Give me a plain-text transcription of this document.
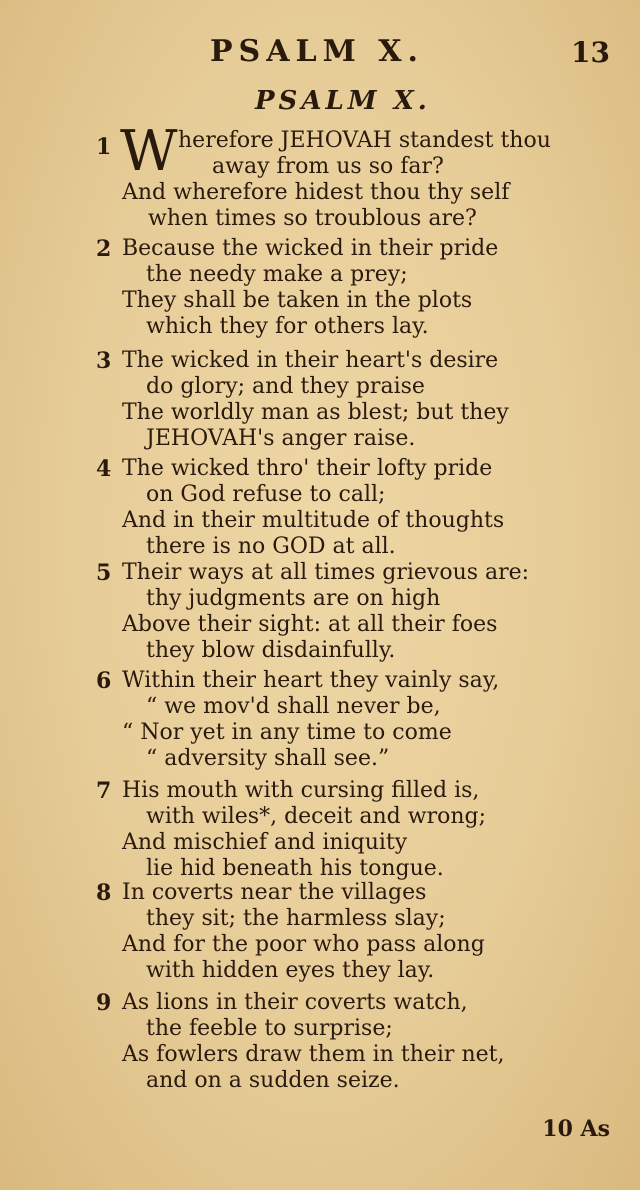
PSALM X.	13
PSALM X.
1 W herefore JEHOVAH standest thou
away from us so far?
And wherefore hidest thou thy self
when times so troublous are?
2 Because the wicked in their pride
the needy make a prey;
They shall be taken in the plots
which they for others lay.
3 The wicked in their heart's desire
do glory; and they praise
The worldly man as blest; but they
JEHOVAH's anger raise.
4 The wicked thro' their lofty pride
on God refuse to call;
And in their multitude of thoughts
there is no GOD at all.
5 Their ways at all times grievous are:
thy judgments are on high
Above their sight: at all their foes
they blow disdainfully.
6 Within their heart they vainly say,
“ we mov'd shall never be,
“ Nor yet in any time to come
“ adversity shall see.”
7 His mouth with cursing filled is,
with wiles*, deceit and wrong;
And mischief and iniquity
lie hid beneath his tongue.
8 In coverts near the villages
they sit; the harmless slay;
And for the poor who pass along
with hidden eyes they lay.
9 As lions in their coverts watch,
the feeble to surprise;
As fowlers draw them in their net,
and on a sudden seize.
10 As
